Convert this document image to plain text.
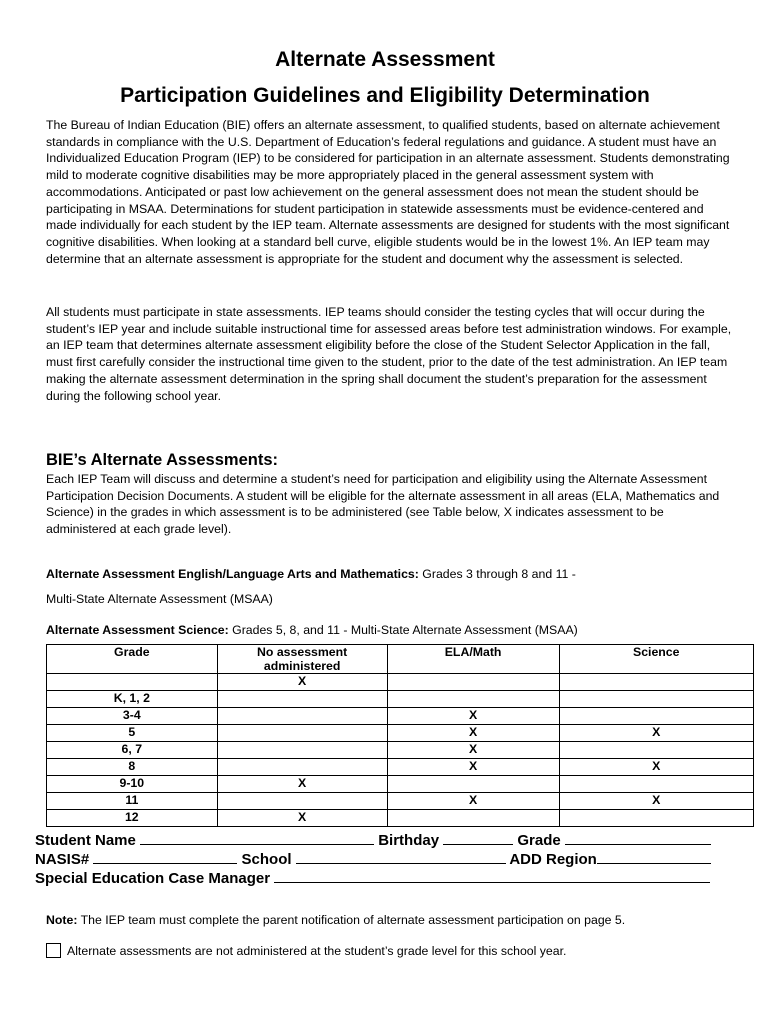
Alternate Assessment
Participation Guidelines and Eligibility Determination
The Bureau of Indian Education (BIE) offers an alternate assessment, to qualified students, based on alternate achievement standards in compliance with the U.S. Department of Education’s federal regulations and guidance. A student must have an Individualized Education Program (IEP) to be considered for participation in an alternate assessment. Students demonstrating mild to moderate cognitive disabilities may be more appropriately placed in the general assessment system with accommodations. Anticipated or past low achievement on the general assessment does not mean the student should be participating in MSAA. Determinations for student participation in statewide assessments must be evidence-centered and made individually for each student by the IEP team. Alternate assessments are designed for students with the most significant cognitive disabilities. When looking at a standard bell curve, eligible students would be in the lowest 1%. An IEP team may determine that an alternate assessment is appropriate for the student and document why the assessment is selected.
All students must participate in state assessments. IEP teams should consider the testing cycles that will occur during the student’s IEP year and include suitable instructional time for assessed areas before test administration windows. For example, an IEP team that determines alternate assessment eligibility before the close of the Student Selector Application in the fall, must first carefully consider the instructional time given to the student, prior to the date of the test administration. An IEP team making the alternate assessment determination in the spring shall document the student’s preparation for the assessment during the following school year.
BIE’s Alternate Assessments:
Each IEP Team will discuss and determine a student’s need for participation and eligibility using the Alternate Assessment Participation Decision Documents. A student will be eligible for the alternate assessment in all areas (ELA, Mathematics and Science) in the grades in which assessment is to be administered (see Table below, X indicates assessment to be administered at each grade level).
Alternate Assessment English/Language Arts and Mathematics: Grades 3 through 8 and 11 -
Multi-State Alternate Assessment (MSAA)
Alternate Assessment Science: Grades 5, 8, and 11 - Multi-State Alternate Assessment (MSAA)
Grade	No assessment administered	ELA/Math	Science
	X		
K, 1, 2			
3-4		X	
5		X	X
6, 7		X	
8		X	X
9-10	X		
11		X	X
12	X		
Student Name	Birthday	Grade
NASIS#	School	ADD Region
Special Education Case Manager
Note: The IEP team must complete the parent notification of alternate assessment participation on page 5.
Alternate assessments are not administered at the student’s grade level for this school year.
